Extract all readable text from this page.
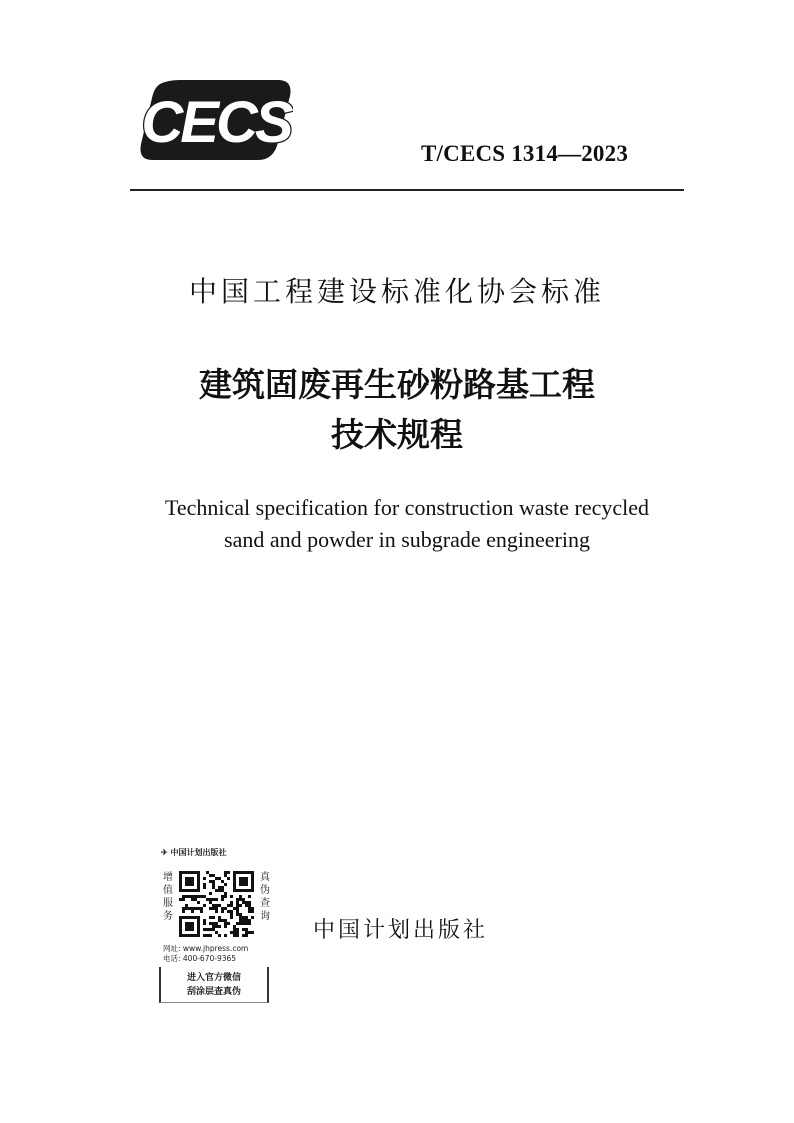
CECS	T/CECS 1314—2023
中国工程建设标准化协会标准
建筑固废再生砂粉路基工程
技术规程
Technical specification for construction waste recycled
sand and powder in subgrade engineering
✈ 中国计划出版社
增值服务
真伪查询
网址: www.jhpress.com
电话: 400-670-9365
进入官方微信
刮涂层查真伪
中国计划出版社
